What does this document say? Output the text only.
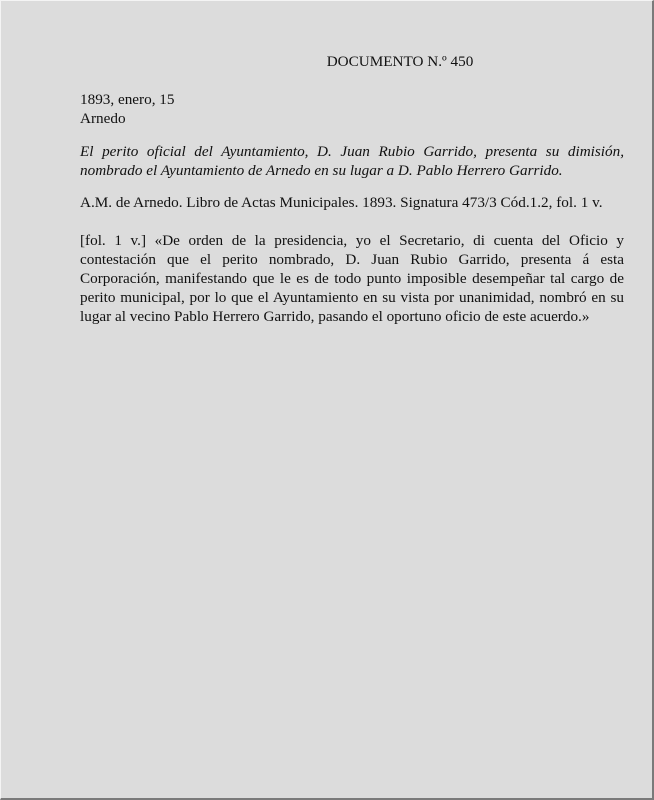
DOCUMENTO N.º 450
1893, enero, 15
Arnedo

El perito oficial del Ayuntamiento, D. Juan Rubio Garrido, presenta su dimisión, nombrado el Ayuntamiento de Arnedo en su lugar a D. Pablo Herrero Garrido.

A.M. de Arnedo. Libro de Actas Municipales. 1893. Signatura 473/3 Cód.1.2, fol. 1 v.

[fol. 1 v.] «De orden de la presidencia, yo el Secretario, di cuenta del Oficio y contestación que el perito nombrado, D. Juan Rubio Garrido, presenta á esta Corporación, manifestando que le es de todo punto imposible desempeñar tal cargo de perito municipal, por lo que el Ayuntamiento en su vista por unanimidad, nombró en su lugar al vecino Pablo Herrero Garrido, pasando el oportuno oficio de este acuerdo.»
